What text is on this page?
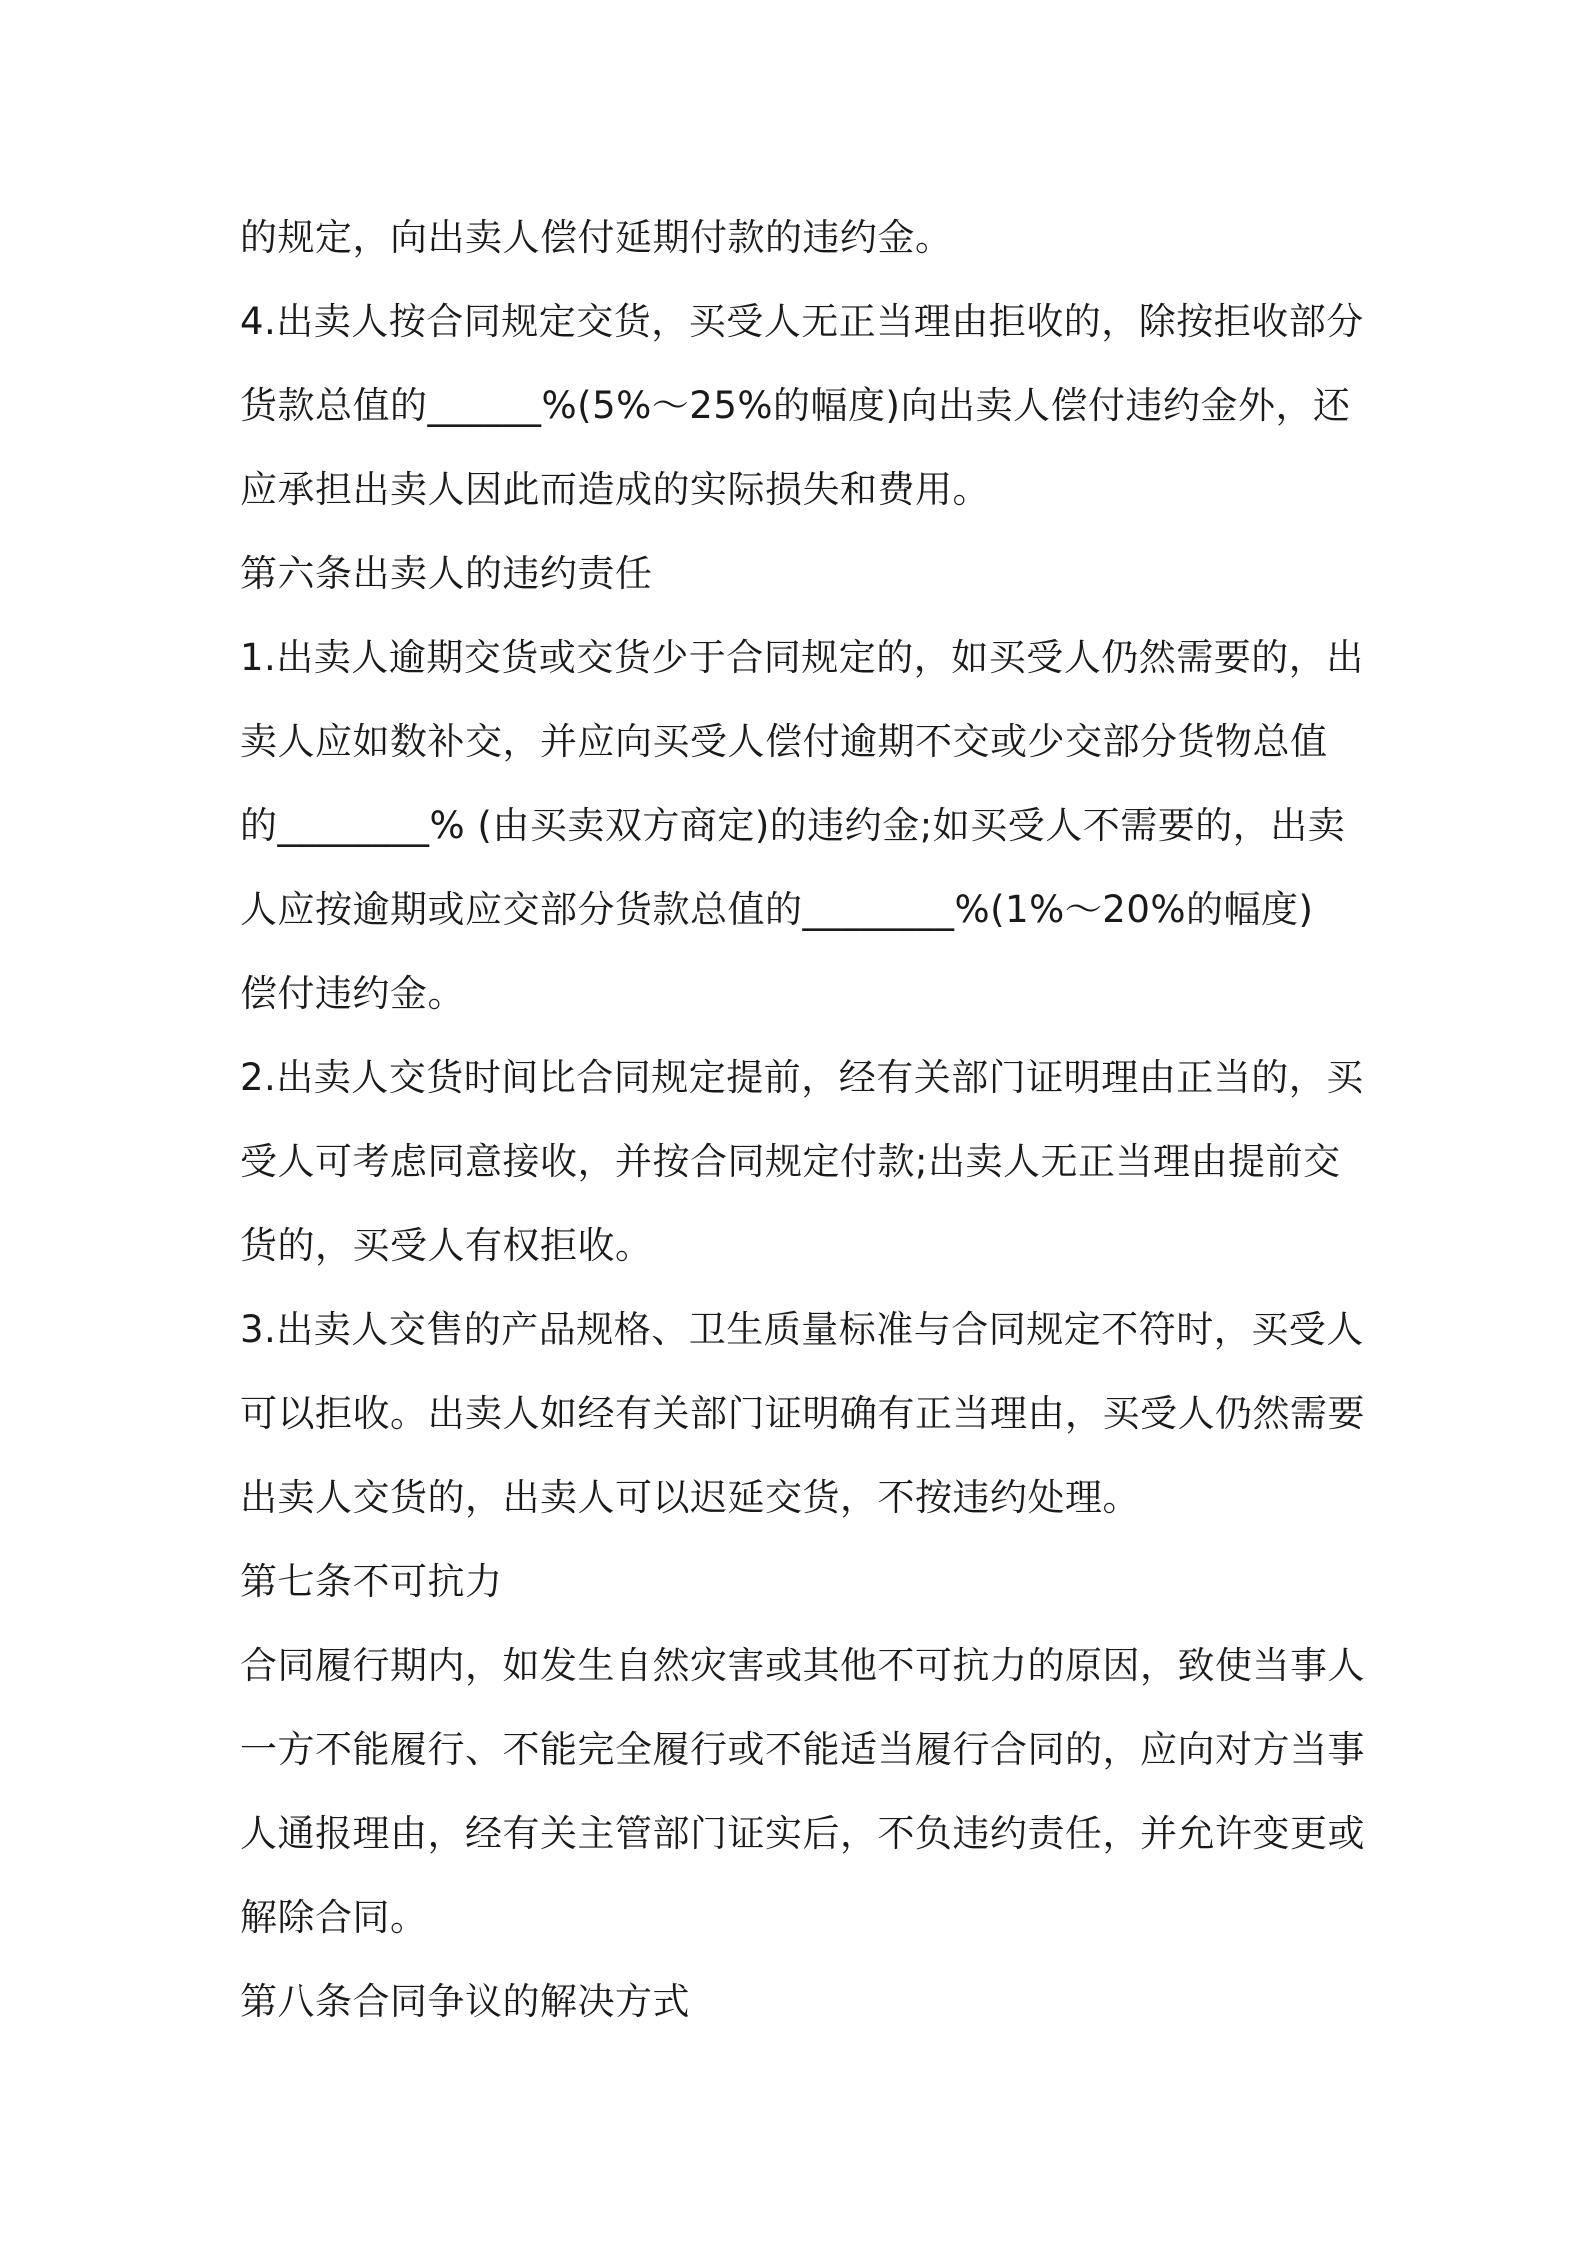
的规定，向出卖人偿付延期付款的违约金。
4.出卖人按合同规定交货，买受人无正当理由拒收的，除按拒收部分
货款总值的______%(5%～25%的幅度)向出卖人偿付违约金外，还
应承担出卖人因此而造成的实际损失和费用。
第六条出卖人的违约责任
1.出卖人逾期交货或交货少于合同规定的，如买受人仍然需要的，出
卖人应如数补交，并应向买受人偿付逾期不交或少交部分货物总值
的________% (由买卖双方商定)的违约金;如买受人不需要的，出卖
人应按逾期或应交部分货款总值的________%(1%～20%的幅度)
偿付违约金。
2.出卖人交货时间比合同规定提前，经有关部门证明理由正当的，买
受人可考虑同意接收，并按合同规定付款;出卖人无正当理由提前交
货的，买受人有权拒收。
3.出卖人交售的产品规格、卫生质量标准与合同规定不符时，买受人
可以拒收。出卖人如经有关部门证明确有正当理由，买受人仍然需要
出卖人交货的，出卖人可以迟延交货，不按违约处理。
第七条不可抗力
合同履行期内，如发生自然灾害或其他不可抗力的原因，致使当事人
一方不能履行、不能完全履行或不能适当履行合同的，应向对方当事
人通报理由，经有关主管部门证实后，不负违约责任，并允许变更或
解除合同。
第八条合同争议的解决方式
